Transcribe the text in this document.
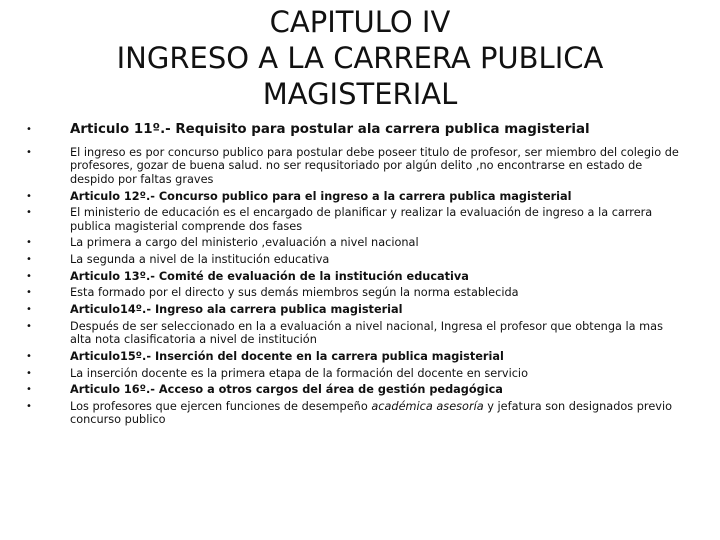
CAPITULO IV
INGRESO A LA CARRERA PUBLICA
MAGISTERIAL
•	Articulo 11º.- Requisito para postular ala carrera publica magisterial
•	El ingreso es por concurso publico para postular debe poseer titulo de profesor, ser miembro del colegio de profesores, gozar de buena salud. no ser requsitoriado por algún delito ,no encontrarse en estado de despido por faltas graves
•	Articulo 12º.- Concurso publico para el ingreso a la carrera publica magisterial
•	El ministerio de educación es el encargado de planificar y realizar la evaluación de ingreso a la carrera publica magisterial comprende dos fases
•	La primera a cargo del ministerio ,evaluación a nivel nacional
•	La segunda a nivel de la institución educativa
•	Articulo 13º.- Comité de evaluación de la institución educativa
•	Esta formado por el directo y sus demás miembros según la norma establecida
•	Articulo14º.- Ingreso ala carrera publica magisterial
•	Después de ser seleccionado en la a evaluación a nivel nacional, Ingresa el profesor que obtenga la mas alta nota clasificatoria a nivel de institución
•	Articulo15º.- Inserción del docente en la carrera publica magisterial
•	La inserción docente es la primera etapa de la formación del docente en servicio
•	Articulo 16º.- Acceso a otros cargos del área de gestión pedagógica
•	Los profesores que ejercen funciones de desempeño académica asesoría y jefatura son designados previo concurso publico
